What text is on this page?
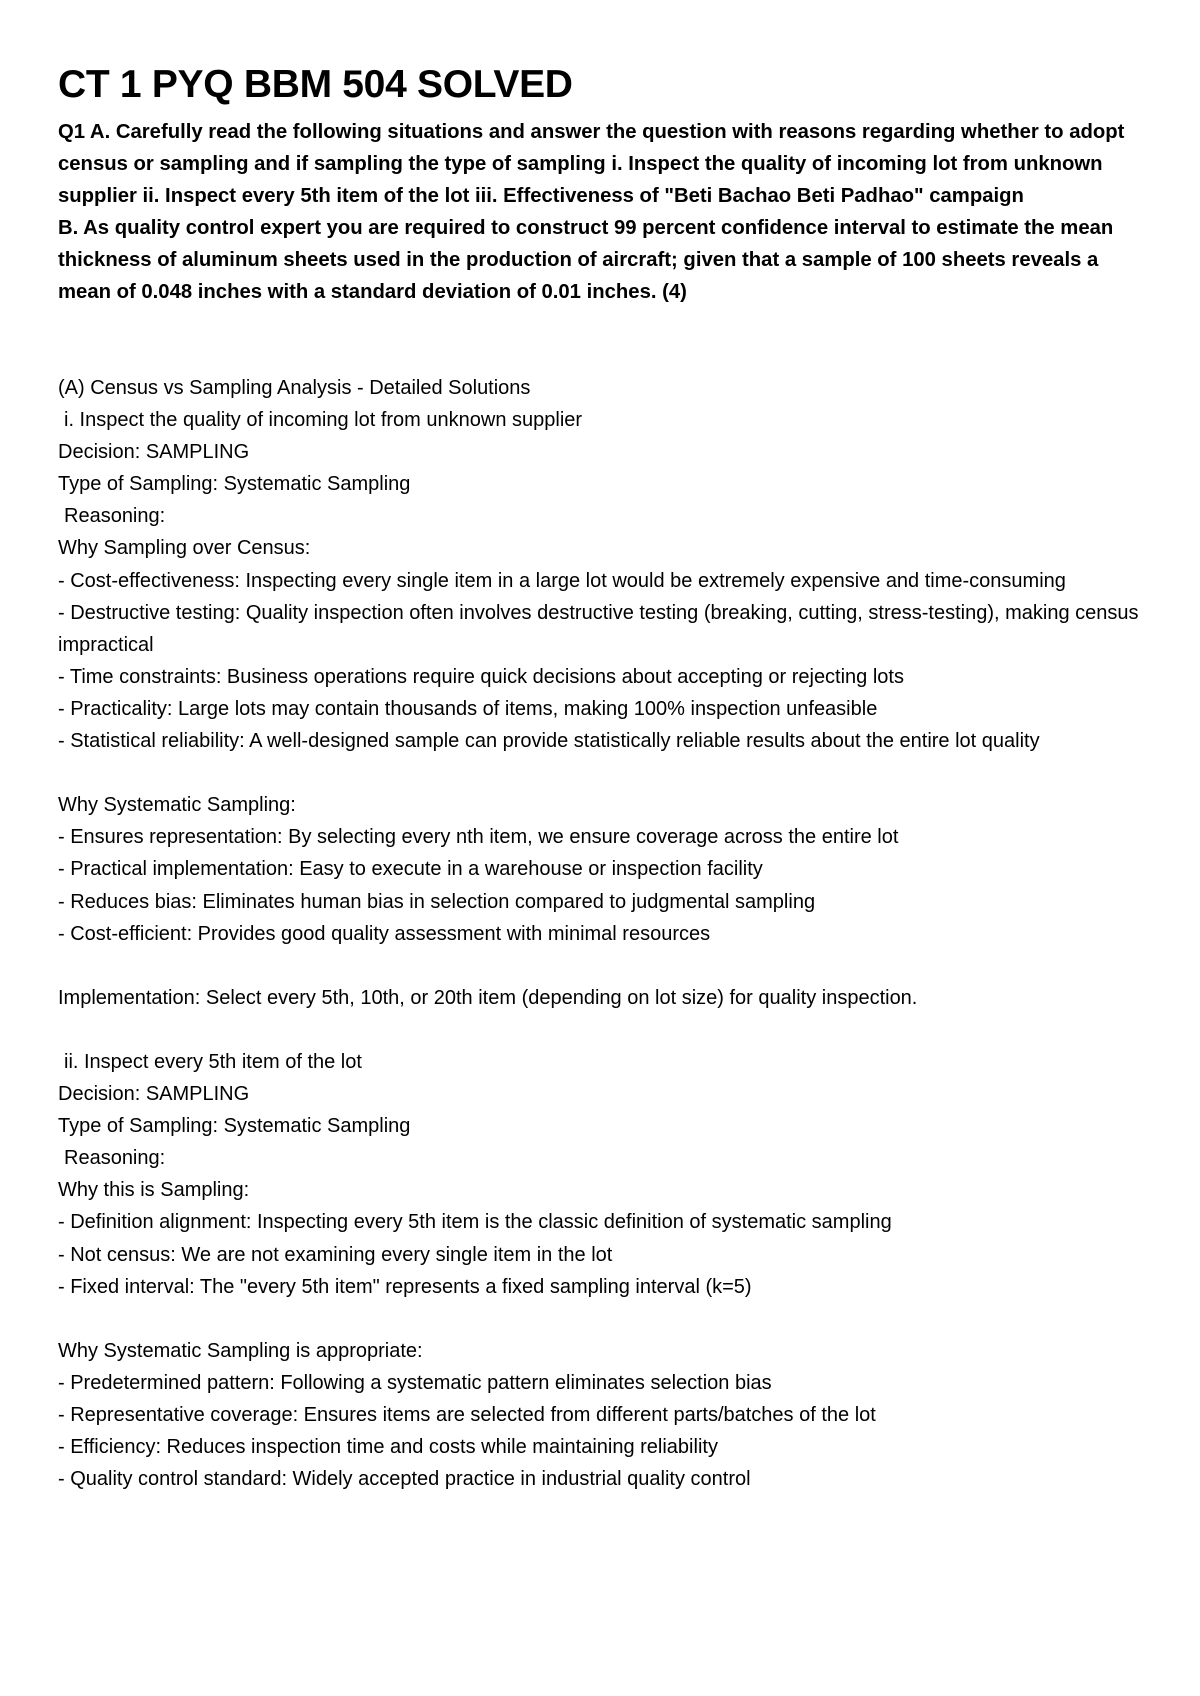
CT 1 PYQ BBM 504 SOLVED

Q1 A. Carefully read the following situations and answer the question with reasons regarding whether to adopt census or sampling and if sampling the type of sampling i. Inspect the quality of incoming lot from unknown supplier ii. Inspect every 5th item of the lot iii. Effectiveness of "Beti Bachao Beti Padhao" campaign

B. As quality control expert you are required to construct 99 percent confidence interval to estimate the mean thickness of aluminum sheets used in the production of aircraft; given that a sample of 100 sheets reveals a mean of 0.048 inches with a standard deviation of 0.01 inches. (4)

(A) Census vs Sampling Analysis - Detailed Solutions

i. Inspect the quality of incoming lot from unknown supplier

Decision: SAMPLING

Type of Sampling: Systematic Sampling

Reasoning:

Why Sampling over Census:

- Cost-effectiveness: Inspecting every single item in a large lot would be extremely expensive and time-consuming

- Destructive testing: Quality inspection often involves destructive testing (breaking, cutting, stress-testing), making census impractical

- Time constraints: Business operations require quick decisions about accepting or rejecting lots

- Practicality: Large lots may contain thousands of items, making 100% inspection unfeasible

- Statistical reliability: A well-designed sample can provide statistically reliable results about the entire lot quality

Why Systematic Sampling:

- Ensures representation: By selecting every nth item, we ensure coverage across the entire lot

- Practical implementation: Easy to execute in a warehouse or inspection facility

- Reduces bias: Eliminates human bias in selection compared to judgmental sampling

- Cost-efficient: Provides good quality assessment with minimal resources

Implementation: Select every 5th, 10th, or 20th item (depending on lot size) for quality inspection.

ii. Inspect every 5th item of the lot

Decision: SAMPLING

Type of Sampling: Systematic Sampling

Reasoning:

Why this is Sampling:

- Definition alignment: Inspecting every 5th item is the classic definition of systematic sampling

- Not census: We are not examining every single item in the lot

- Fixed interval: The "every 5th item" represents a fixed sampling interval (k=5)

Why Systematic Sampling is appropriate:

- Predetermined pattern: Following a systematic pattern eliminates selection bias

- Representative coverage: Ensures items are selected from different parts/batches of the lot

- Efficiency: Reduces inspection time and costs while maintaining reliability

- Quality control standard: Widely accepted practice in industrial quality control
